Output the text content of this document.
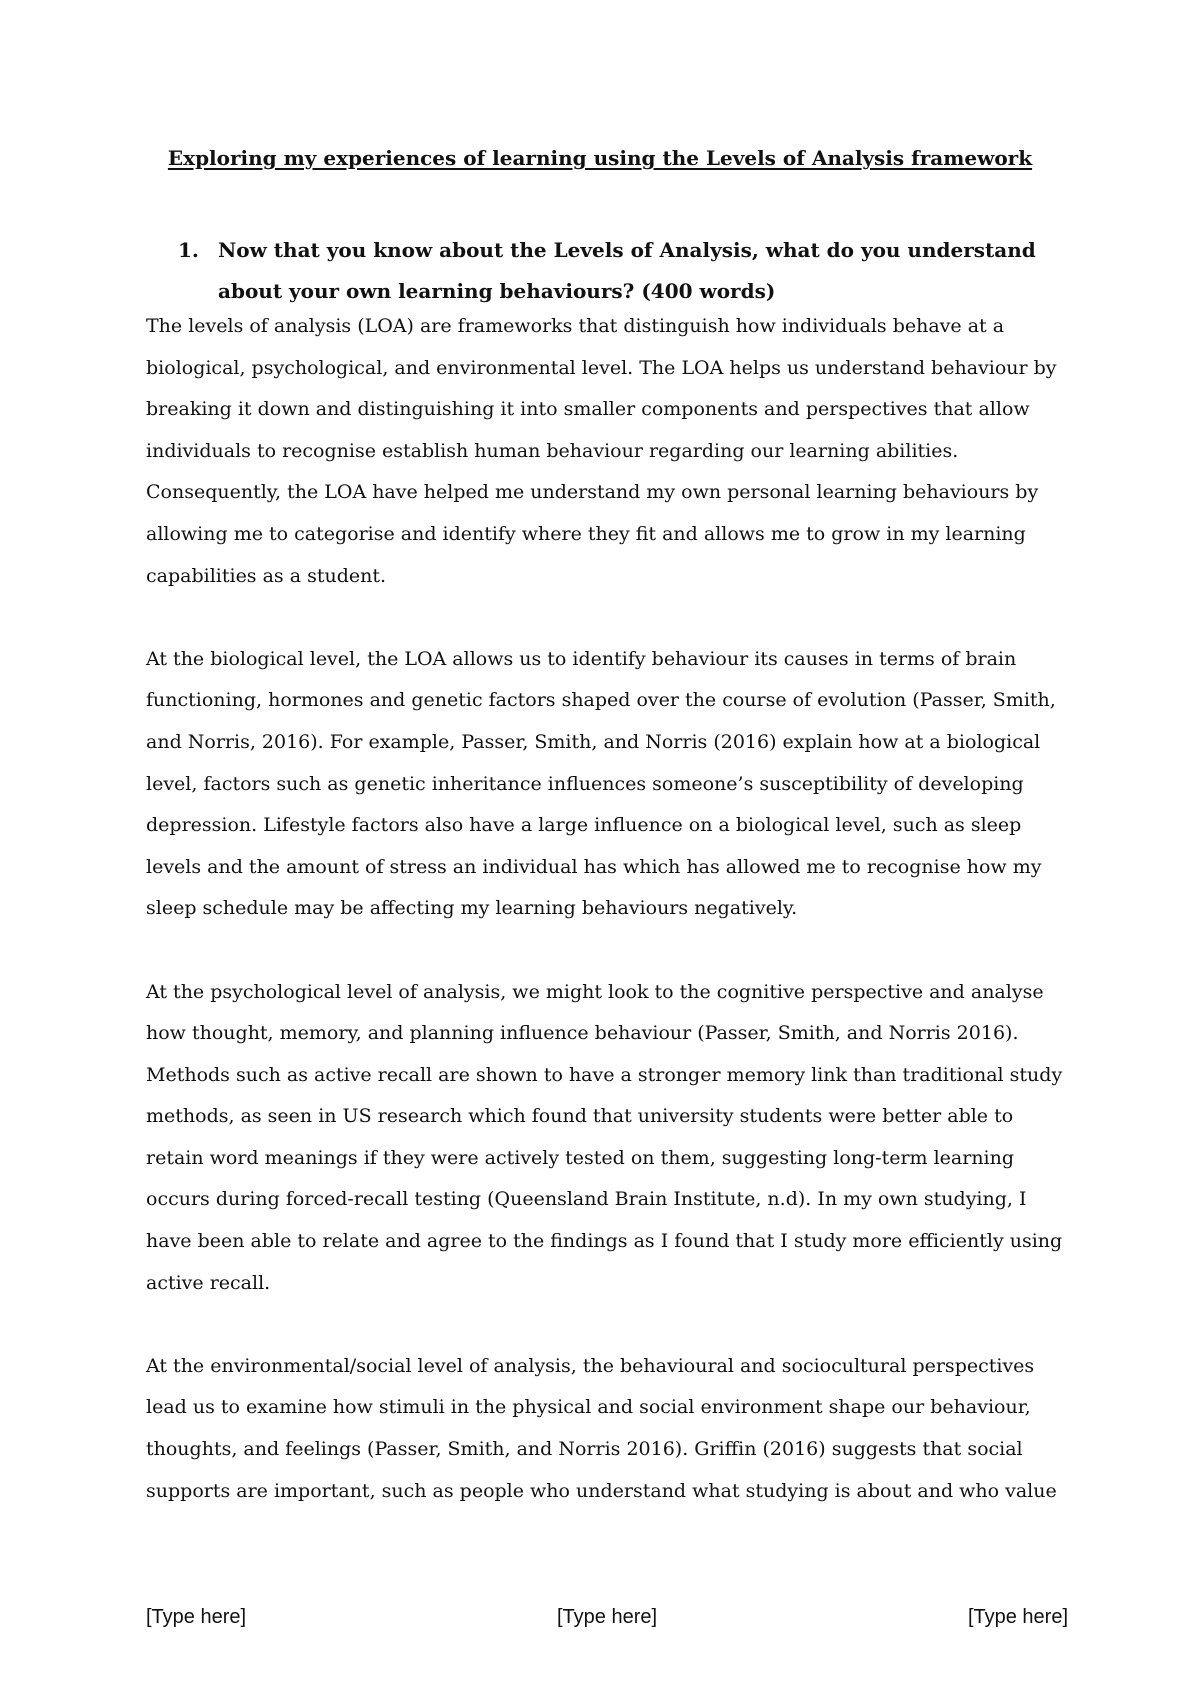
Exploring my experiences of learning using the Levels of Analysis framework
1. Now that you know about the Levels of Analysis, what do you understand about your own learning behaviours? (400 words)

The levels of analysis (LOA) are frameworks that distinguish how individuals behave at a biological, psychological, and environmental level. The LOA helps us understand behaviour by breaking it down and distinguishing it into smaller components and perspectives that allow individuals to recognise establish human behaviour regarding our learning abilities. Consequently, the LOA have helped me understand my own personal learning behaviours by allowing me to categorise and identify where they fit and allows me to grow in my learning capabilities as a student.

At the biological level, the LOA allows us to identify behaviour its causes in terms of brain functioning, hormones and genetic factors shaped over the course of evolution (Passer, Smith, and Norris, 2016). For example, Passer, Smith, and Norris (2016) explain how at a biological level, factors such as genetic inheritance influences someone’s susceptibility of developing depression. Lifestyle factors also have a large influence on a biological level, such as sleep levels and the amount of stress an individual has which has allowed me to recognise how my sleep schedule may be affecting my learning behaviours negatively.

At the psychological level of analysis, we might look to the cognitive perspective and analyse how thought, memory, and planning influence behaviour (Passer, Smith, and Norris 2016). Methods such as active recall are shown to have a stronger memory link than traditional study methods, as seen in US research which found that university students were better able to retain word meanings if they were actively tested on them, suggesting long-term learning occurs during forced-recall testing (Queensland Brain Institute, n.d). In my own studying, I have been able to relate and agree to the findings as I found that I study more efficiently using active recall.

At the environmental/social level of analysis, the behavioural and sociocultural perspectives lead us to examine how stimuli in the physical and social environment shape our behaviour, thoughts, and feelings (Passer, Smith, and Norris 2016). Griffin (2016) suggests that social supports are important, such as people who understand what studying is about and who value

[Type here]	[Type here]	[Type here]
